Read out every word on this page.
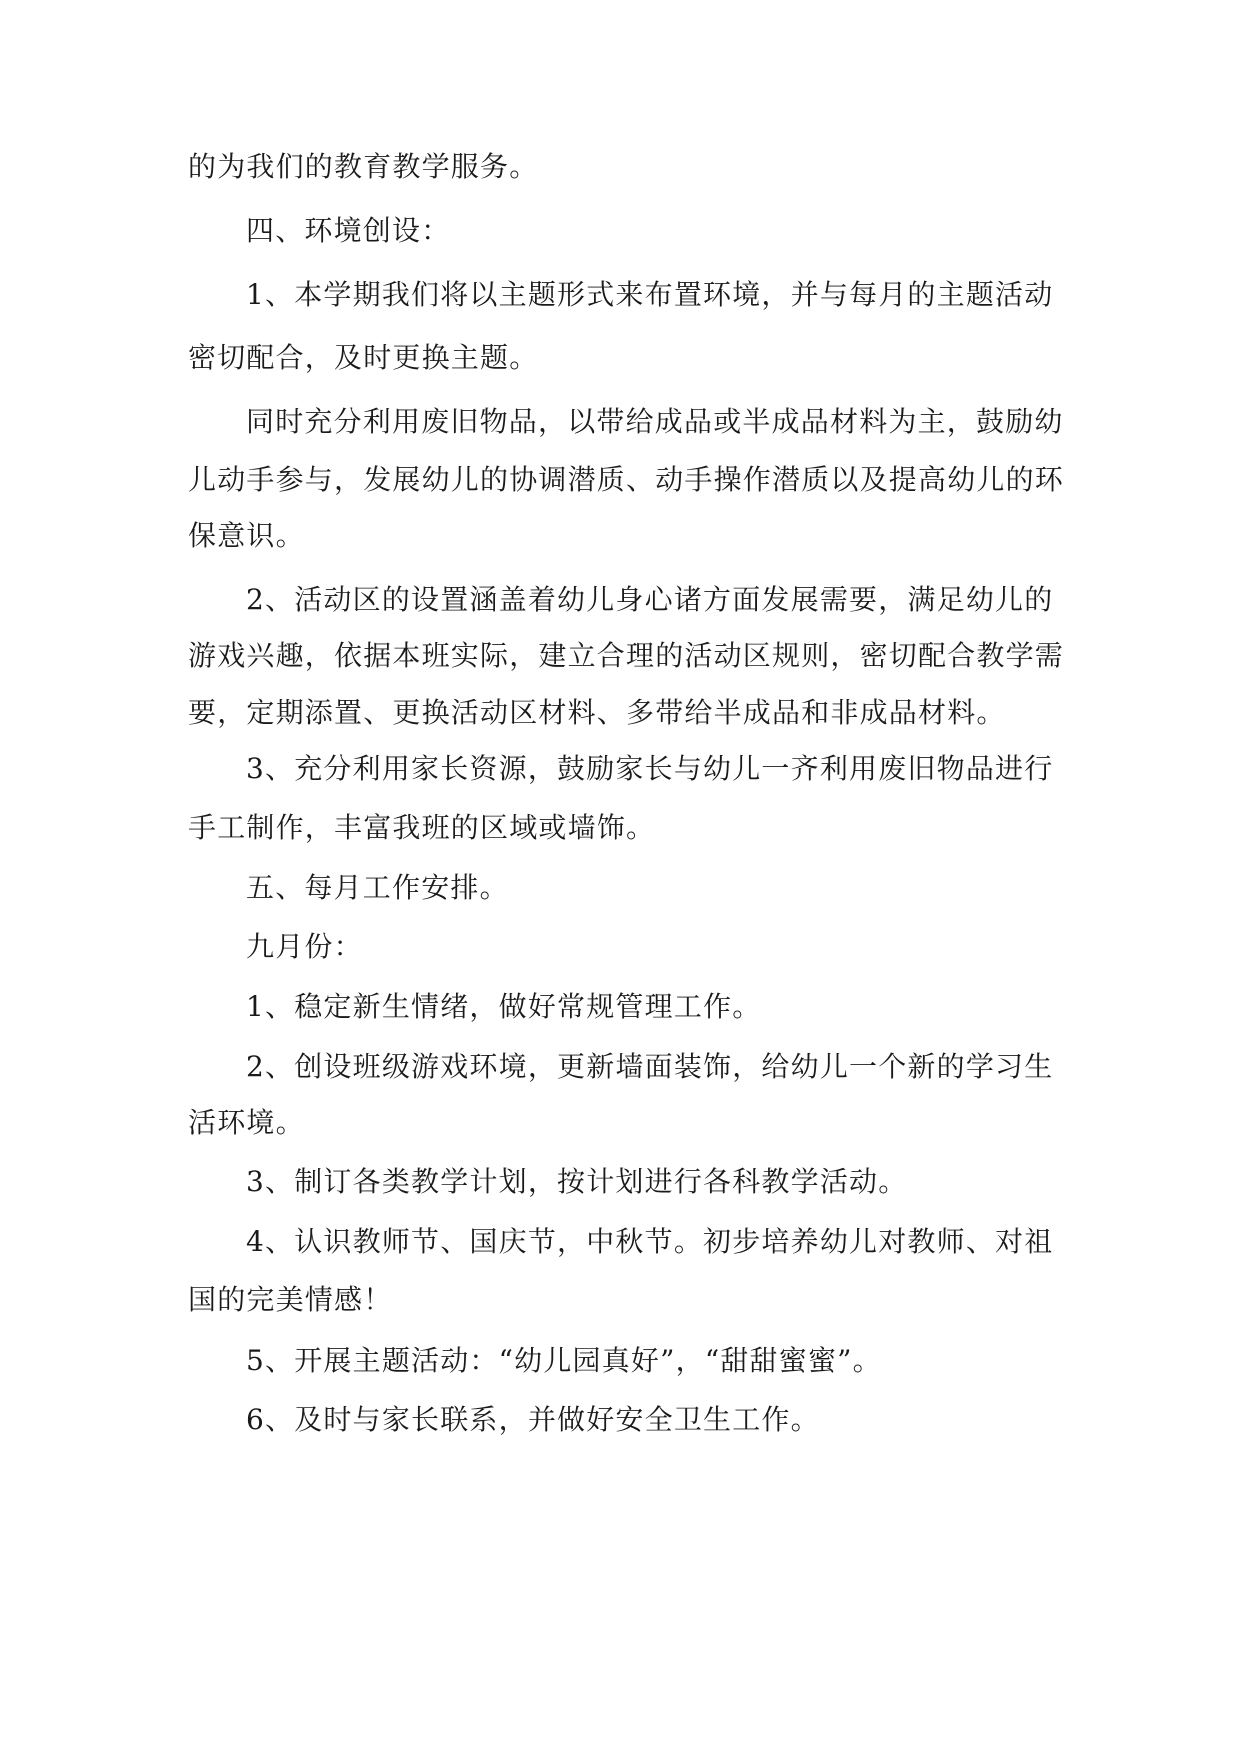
的为我们的教育教学服务。
四、环境创设：
1、本学期我们将以主题形式来布置环境，并与每月的主题活动
密切配合，及时更换主题。
同时充分利用废旧物品，以带给成品或半成品材料为主，鼓励幼
儿动手参与，发展幼儿的协调潜质、动手操作潜质以及提高幼儿的环
保意识。
2、活动区的设置涵盖着幼儿身心诸方面发展需要，满足幼儿的
游戏兴趣，依据本班实际，建立合理的活动区规则，密切配合教学需
要，定期添置、更换活动区材料、多带给半成品和非成品材料。
3、充分利用家长资源，鼓励家长与幼儿一齐利用废旧物品进行
手工制作，丰富我班的区域或墙饰。
五、每月工作安排。
九月份：
1、稳定新生情绪，做好常规管理工作。
2、创设班级游戏环境，更新墙面装饰，给幼儿一个新的学习生
活环境。
3、制订各类教学计划，按计划进行各科教学活动。
4、认识教师节、国庆节，中秋节。初步培养幼儿对教师、对祖
国的完美情感！
5、开展主题活动：“幼儿园真好”，“甜甜蜜蜜”。
6、及时与家长联系，并做好安全卫生工作。
